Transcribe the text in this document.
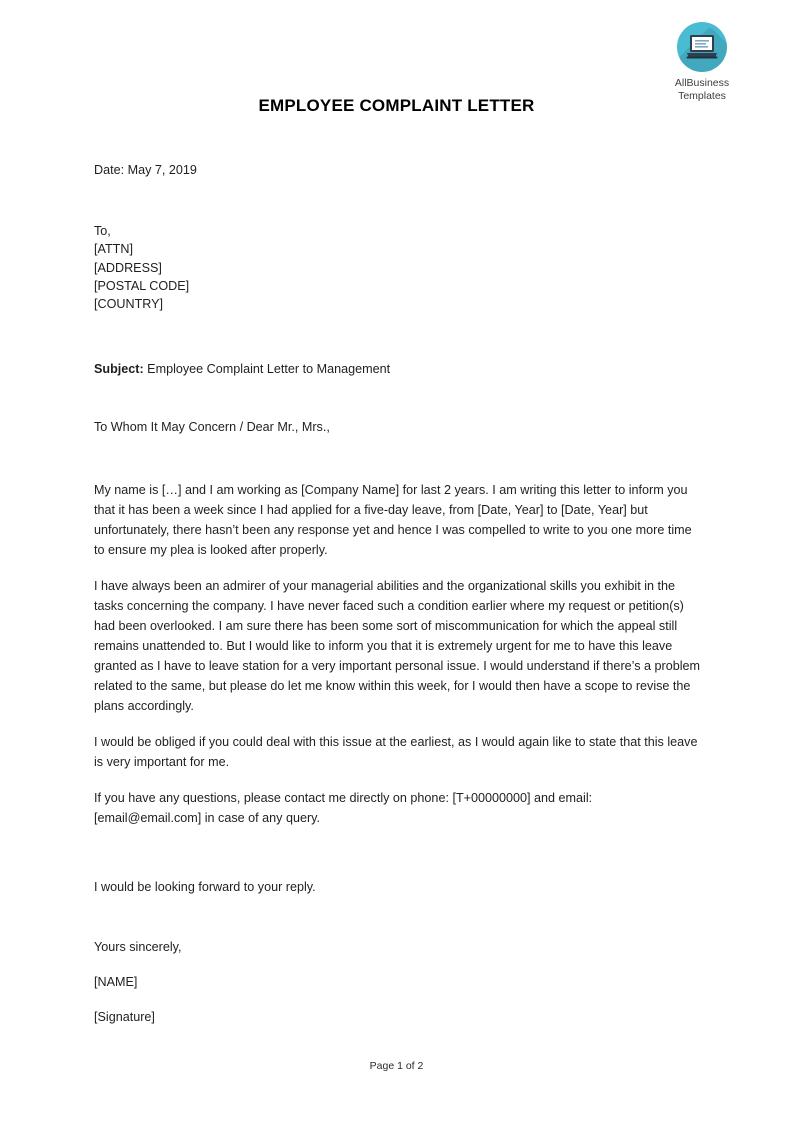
AllBusiness
Templates
EMPLOYEE COMPLAINT LETTER

Date: May 7, 2019

To,

[ATTN]

[ADDRESS]

[POSTAL CODE]

[COUNTRY]

Subject: Employee Complaint Letter to Management

To Whom It May Concern / Dear Mr., Mrs.,

My name is […] and I am working as [Company Name] for last 2 years. I am writing this letter to inform you that it has been a week since I had applied for a five-day leave, from [Date, Year] to [Date, Year] but unfortunately, there hasn’t been any response yet and hence I was compelled to write to you one more time to ensure my plea is looked after properly.

I have always been an admirer of your managerial abilities and the organizational skills you exhibit in the tasks concerning the company. I have never faced such a condition earlier where my request or petition(s) had been overlooked. I am sure there has been some sort of miscommunication for which the appeal still remains unattended to. But I would like to inform you that it is extremely urgent for me to have this leave granted as I have to leave station for a very important personal issue. I would understand if there’s a problem related to the same, but please do let me know within this week, for I would then have a scope to revise the plans accordingly.

I would be obliged if you could deal with this issue at the earliest, as I would again like to state that this leave is very important for me.

If you have any questions, please contact me directly on phone: [T+00000000] and email: [email@email.com] in case of any query.

I would be looking forward to your reply.

Yours sincerely,

[NAME]

[Signature]

Page 1 of 2
